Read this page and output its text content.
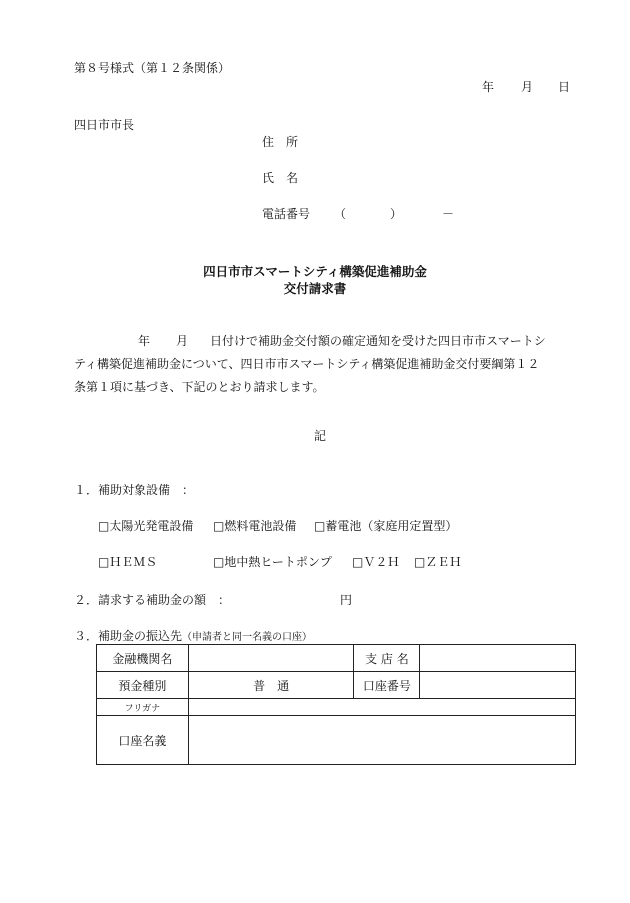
第８号様式（第１２条関係）
年 月 日
四日市市長
住　所
氏　名
電話番号 （	）	－
四日市市スマートシティ構築促進補助金
交付請求書
年 月 日付けで補助金交付額の確定通知を受けた四日市市スマートシ
ティ構築促進補助金について、四日市市スマートシティ構築促進補助金交付要綱第１２
条第１項に基づき、下記のとおり請求します。
記
１．補助対象設備　：
□太陽光発電設備 □燃料電池設備 □蓄電池（家庭用定置型）
□ＨＥＭＳ	□地中熱ヒートポンプ □Ｖ２Ｈ □ＺＥＨ
２．請求する補助金の額　：	円
３．補助金の振込先（申請者と同一名義の口座）
金融機関名		支 店 名	
預金種別	普　通	口座番号	
フリガナ			
口座名義			
